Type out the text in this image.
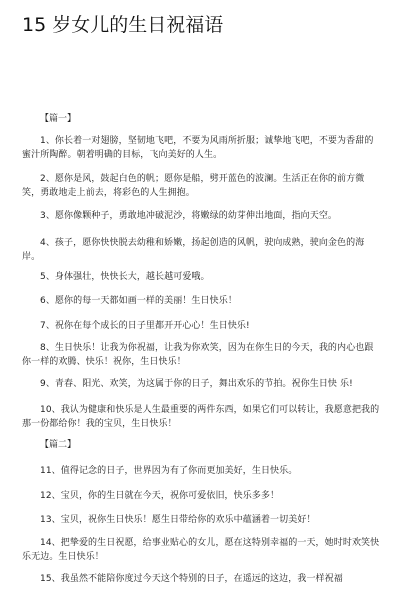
15 岁女儿的生日祝福语
【篇一】

1、你长着一对翅膀，坚韧地飞吧，不要为风雨所折服；诚挚地飞吧，不要为香甜的蜜汁所陶醉。朝着明确的目标，飞向美好的人生。

2、愿你是风，鼓起白色的帆；愿你是船，劈开蓝色的波澜。生活正在你的前方微笑，勇敢地走上前去，将彩色的人生拥抱。

3、愿你像颗种子，勇敢地冲破泥沙，将嫩绿的幼芽伸出地面，指向天空。

4、孩子，愿你快快脱去幼稚和娇嫩，扬起创造的风帆，驶向成熟，驶向金色的海岸。

5、身体强壮，快快长大，越长越可爱哦。

6、愿你的每一天都如画一样的美丽！生日快乐！

7、祝你在每个成长的日子里都开开心心！生日快乐!

8、生日快乐！让我为你祝福，让我为你欢笑，因为在你生日的今天，我的内心也跟你一样的欢腾、快乐！祝你，生日快乐！

9、青春、阳光、欢笑，为这属于你的日子，舞出欢乐的节拍。祝你生日快 乐!

10、我认为健康和快乐是人生最重要的两件东西，如果它们可以转让，我愿意把我的那一份都给你！我的宝贝，生日快乐！

【篇二】

11、值得记念的日子，世界因为有了你而更加美好，生日快乐。

12、宝贝，你的生日就在今天，祝你可爱依旧，快乐多多！

13、宝贝，祝你生日快乐！愿生日带给你的欢乐中蕴涵着一切美好！

14、把挚爱的生日祝愿，给事业贴心的女儿，愿在这特别幸福的一天，她时时欢笑快乐无边。生日快乐！

15、我虽然不能陪你度过今天这个特别的日子，在遥远的这边，我一样祝福
